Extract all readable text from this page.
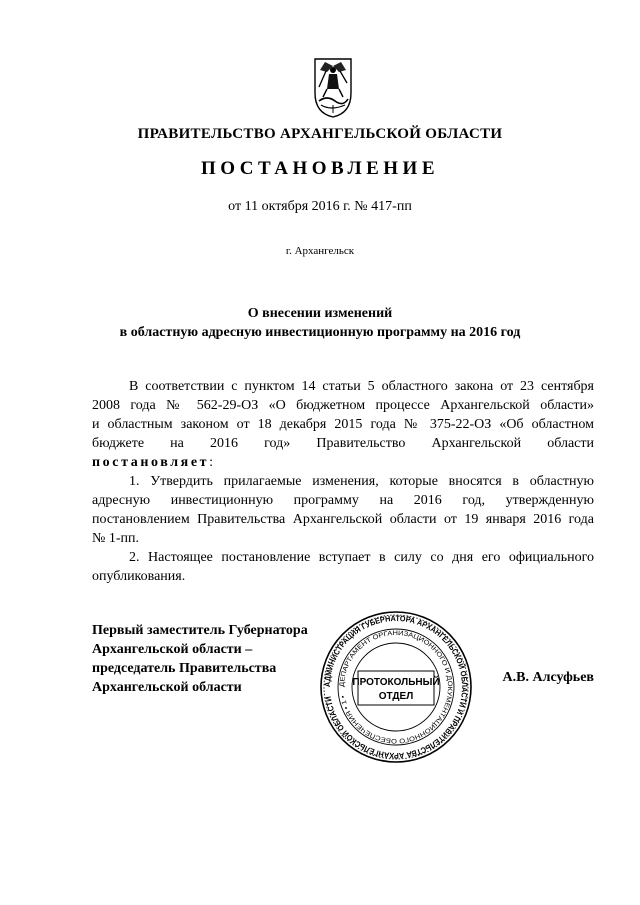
ПРАВИТЕЛЬСТВО АРХАНГЕЛЬСКОЙ ОБЛАСТИ
ПОСТАНОВЛЕНИЕ
от 11 октября 2016 г. № 417-пп
г. Архангельск
О внесении изменений
в областную адресную инвестиционную программу на 2016 год
В соответствии с пунктом 14 статьи 5 областного закона от 23 сентября
2008 года № 562-29-ОЗ «О бюджетном процессе Архангельской области»
и областным законом от 18 декабря 2015 года № 375-22-ОЗ «Об областном
бюджете на 2016 год» Правительство Архангельской области
постановляет:
1. Утвердить прилагаемые изменения, которые вносятся в областную
адресную инвестиционную программу на 2016 год, утвержденную
постановлением Правительства Архангельской области от 19 января 2016 года
№ 1-пп.
2. Настоящее постановление вступает в силу со дня его официального
опубликования.
Первый заместитель Губернатора
Архангельской области –
председатель Правительства
Архангельской области
А.В. Алсуфьев
АДМИНИСТРАЦИЯ ГУБЕРНАТОРА АРХАНГЕЛЬСКОЙ ОБЛАСТИ И ПРАВИТЕЛЬСТВА АРХАНГЕЛЬСКОЙ ОБЛАСТИ
ДЕПАРТАМЕНТ ОРГАНИЗАЦИОННОГО И ДОКУМЕНТАЦИОННОГО ОБЕСПЕЧЕНИЯ • 1 •
ПРОТОКОЛЬНЫЙ
ОТДЕЛ
